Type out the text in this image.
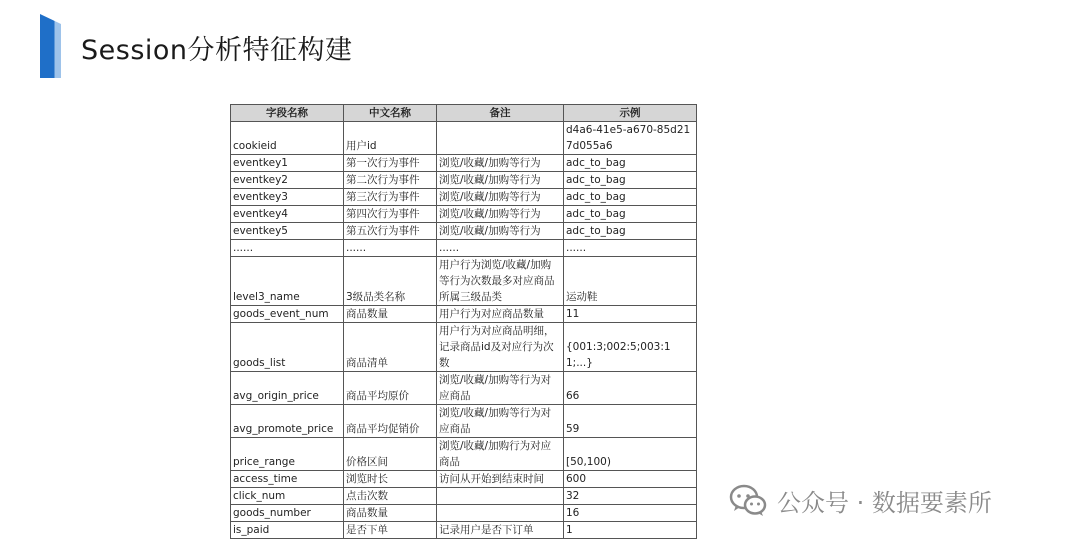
Session分析特征构建
字段名称	中文名称	备注	示例
cookieid	用户id		d4a6-41e5-a670-85d217d055a6
eventkey1	第一次行为事件	浏览/收藏/加购等行为	adc_to_bag
eventkey2	第二次行为事件	浏览/收藏/加购等行为	adc_to_bag
eventkey3	第三次行为事件	浏览/收藏/加购等行为	adc_to_bag
eventkey4	第四次行为事件	浏览/收藏/加购等行为	adc_to_bag
eventkey5	第五次行为事件	浏览/收藏/加购等行为	adc_to_bag
......	......	......	......
level3_name	3级品类名称	用户行为浏览/收藏/加购等行为次数最多对应商品所属三级品类	运动鞋
goods_event_num	商品数量	用户行为对应商品数量	11
goods_list	商品清单	用户行为对应商品明细，记录商品id及对应行为次数	{001:3;002:5;003:11;...}
avg_origin_price	商品平均原价	浏览/收藏/加购等行为对应商品	66
avg_promote_price	商品平均促销价	浏览/收藏/加购等行为对应商品	59
price_range	价格区间	浏览/收藏/加购行为对应商品	[50,100)
access_time	浏览时长	访问从开始到结束时间	600
click_num	点击次数		32
goods_number	商品数量		16
is_paid	是否下单	记录用户是否下订单	1
公众号 · 数据要素所
